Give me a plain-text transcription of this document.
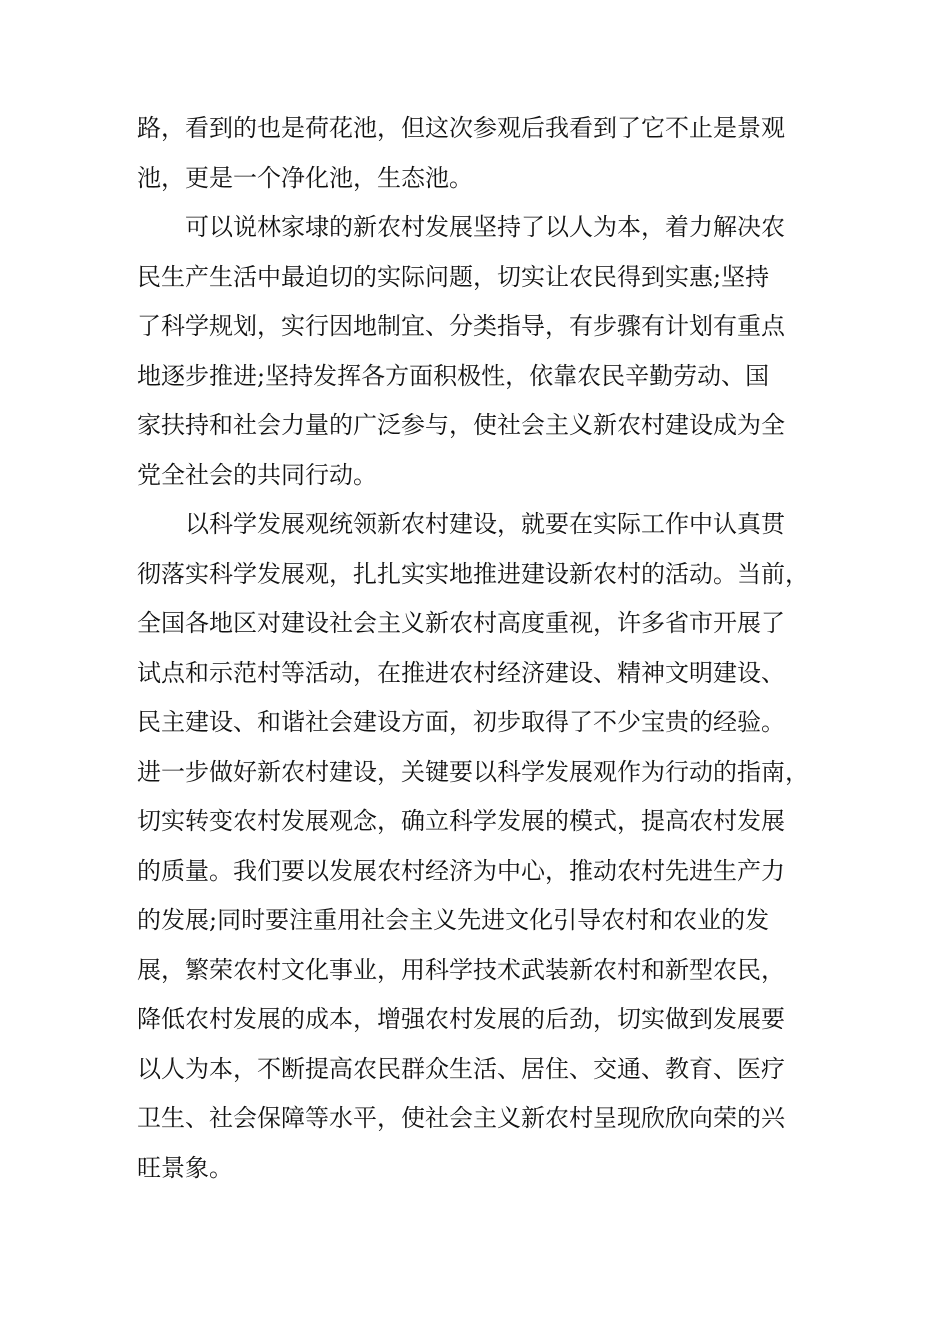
路，看到的也是荷花池，但这次参观后我看到了它不止是景观
池，更是一个净化池，生态池。
可以说林家埭的新农村发展坚持了以人为本，着力解决农
民生产生活中最迫切的实际问题，切实让农民得到实惠;坚持
了科学规划，实行因地制宜、分类指导，有步骤有计划有重点
地逐步推进;坚持发挥各方面积极性，依靠农民辛勤劳动、国
家扶持和社会力量的广泛参与，使社会主义新农村建设成为全
党全社会的共同行动。
以科学发展观统领新农村建设，就要在实际工作中认真贯
彻落实科学发展观，扎扎实实地推进建设新农村的活动。当前，
全国各地区对建设社会主义新农村高度重视，许多省市开展了
试点和示范村等活动，在推进农村经济建设、精神文明建设、
民主建设、和谐社会建设方面，初步取得了不少宝贵的经验。
进一步做好新农村建设，关键要以科学发展观作为行动的指南，
切实转变农村发展观念，确立科学发展的模式，提高农村发展
的质量。我们要以发展农村经济为中心，推动农村先进生产力
的发展;同时要注重用社会主义先进文化引导农村和农业的发
展，繁荣农村文化事业，用科学技术武装新农村和新型农民，
降低农村发展的成本，增强农村发展的后劲，切实做到发展要
以人为本，不断提高农民群众生活、居住、交通、教育、医疗
卫生、社会保障等水平，使社会主义新农村呈现欣欣向荣的兴
旺景象。
